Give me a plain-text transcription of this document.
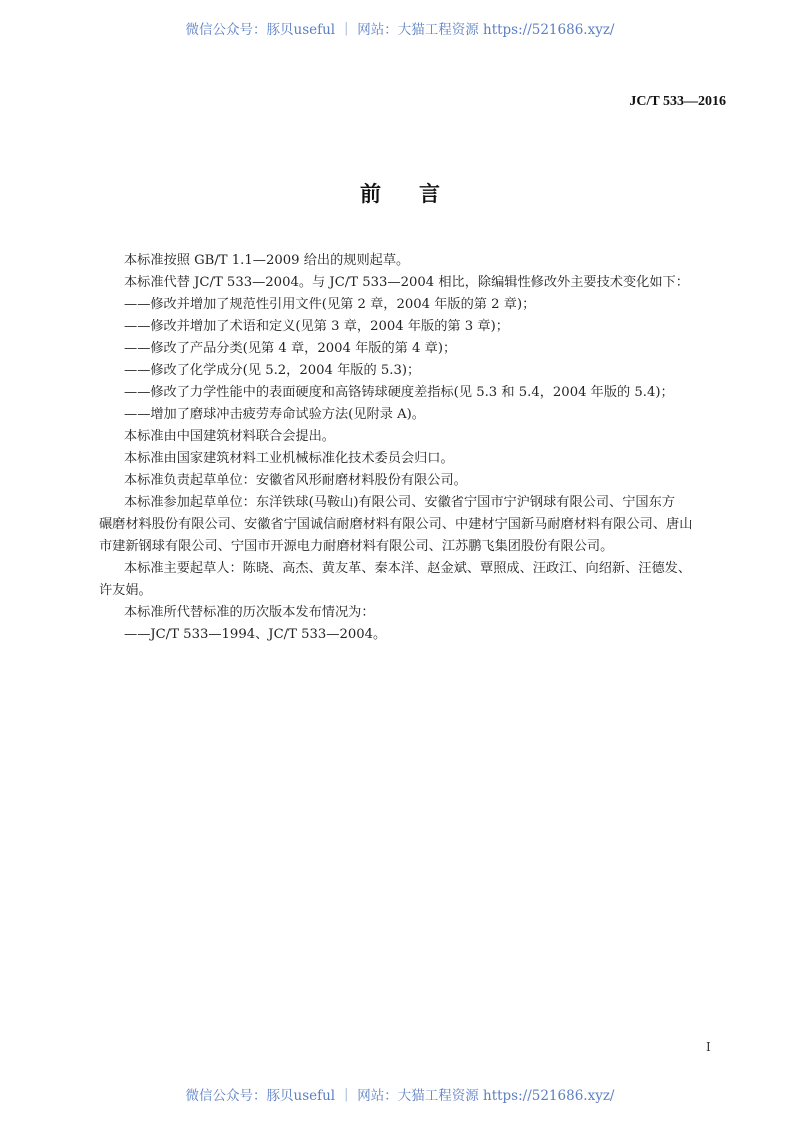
微信公众号：豚贝useful ｜ 网站：大猫工程资源 https://521686.xyz/
JC/T 533—2016
前言
本标准按照 GB/T 1.1—2009 给出的规则起草。
本标准代替 JC/T 533—2004。与 JC/T 533—2004 相比，除编辑性修改外主要技术变化如下：
——修改并增加了规范性引用文件(见第 2 章，2004 年版的第 2 章)；
——修改并增加了术语和定义(见第 3 章，2004 年版的第 3 章)；
——修改了产品分类(见第 4 章，2004 年版的第 4 章)；
——修改了化学成分(见 5.2，2004 年版的 5.3)；
——修改了力学性能中的表面硬度和高铬铸球硬度差指标(见 5.3 和 5.4，2004 年版的 5.4)；
——增加了磨球冲击疲劳寿命试验方法(见附录 A)。
本标准由中国建筑材料联合会提出。
本标准由国家建筑材料工业机械标准化技术委员会归口。
本标准负责起草单位：安徽省风形耐磨材料股份有限公司。
本标准参加起草单位：东洋铁球(马鞍山)有限公司、安徽省宁国市宁沪钢球有限公司、宁国东方
碾磨材料股份有限公司、安徽省宁国诚信耐磨材料有限公司、中建材宁国新马耐磨材料有限公司、唐山
市建新钢球有限公司、宁国市开源电力耐磨材料有限公司、江苏鹏飞集团股份有限公司。
本标准主要起草人：陈晓、高杰、黄友革、秦本洋、赵金斌、覃照成、汪政江、向绍新、汪德发、
许友娟。
本标准所代替标准的历次版本发布情况为：
——JC/T 533—1994、JC/T 533—2004。
I
微信公众号：豚贝useful ｜ 网站：大猫工程资源 https://521686.xyz/
